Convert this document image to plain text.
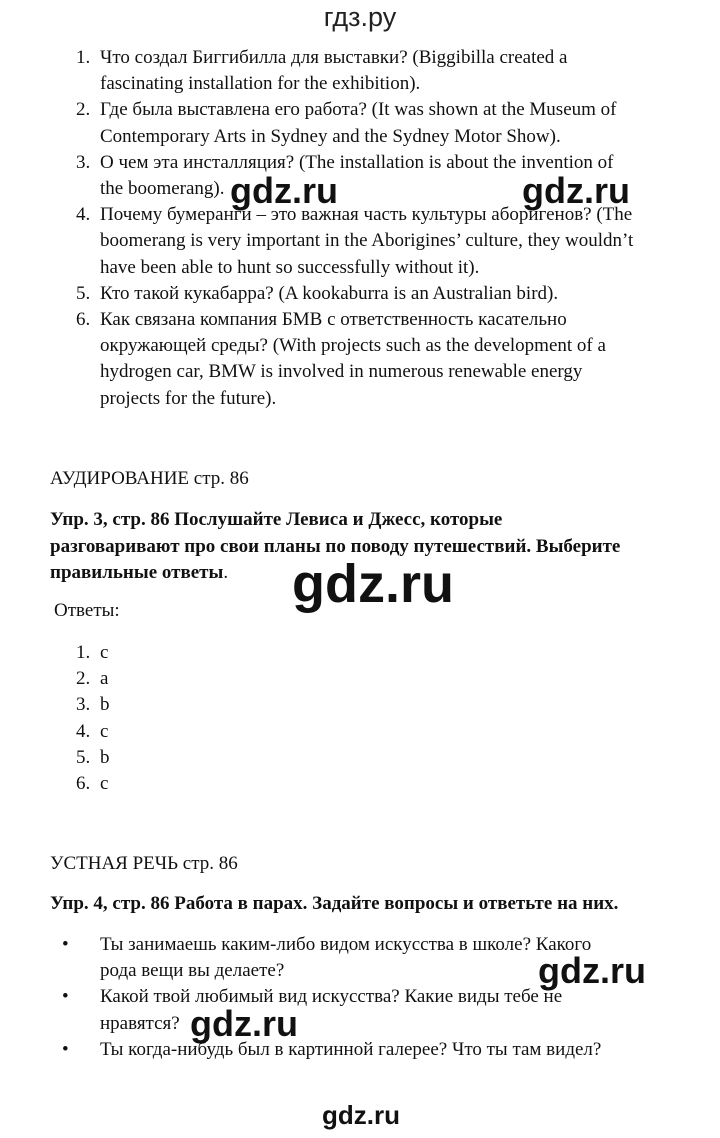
гдз.ру
1. Что создал Биггибилла для выставки? (Biggibilla created a
fascinating installation for the exhibition).
2. Где была выставлена его работа? (It was shown at the Museum of
Contemporary Arts in Sydney and the Sydney Motor Show).
3. О чем эта инсталляция? (The installation is about the invention of
the boomerang).
4. Почему бумеранги – это важная часть культуры аборигенов? (The
boomerang is very important in the Aborigines’ culture, they wouldn’t
have been able to hunt so successfully without it).
5. Кто такой кукабарра? (A kookaburra is an Australian bird).
6. Как связана компания БМВ с ответственность касательно
окружающей среды? (With projects such as the development of a
hydrogen car, BMW is involved in numerous renewable energy
projects for the future).
АУДИРОВАНИЕ стр. 86
Упр. 3, стр. 86 Послушайте Левиса и Джесс, которые
разговаривают про свои планы по поводу путешествий. Выберите
правильные ответы.
Ответы:
1. c
2. a
3. b
4. c
5. b
6. c
УСТНАЯ РЕЧЬ стр. 86
Упр. 4, стр. 86 Работа в парах. Задайте вопросы и ответьте на них.
•	Ты занимаешь каким-либо видом искусства в школе? Какого
рода вещи вы делаете?
•	Какой твой любимый вид искусства? Какие виды тебе не
нравятся?
•	Ты когда-нибудь был в картинной галерее? Что ты там видел?
gdz.ru	gdz.ru
gdz.ru
gdz.ru
gdz.ru
gdz.ru
